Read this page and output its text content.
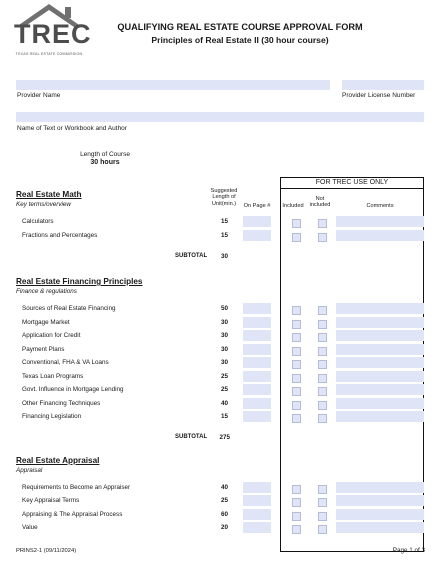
TREC
TEXAS REAL ESTATE COMMISSION
QUALIFYING REAL ESTATE COURSE APPROVAL FORM
Principles of Real Estate II (30 hour course)
Provider Name	Provider License Number
Name of Text or Workbook and Author
Length of Course
30 hours
FOR TREC USE ONLY
Suggested Length of Unit(min.)	On Page #	Included
Not included	Comments
Real Estate Math
Key terms/overview
Calculators	15
Fractions and Percentages	15
SUBTOTAL	30
Real Estate Financing Principles
Finance & regulations
Sources of Real Estate Financing	50
Mortgage Market	30
Application for Credit	30
Payment Plans	30
Conventional, FHA & VA Loans	30
Texas Loan Programs	25
Govt. Influence in Mortgage Lending	25
Other Financing Techniques	40
Financing Legislation	15
SUBTOTAL	275
Real Estate Appraisal
Appraisal
Requirements to Become an Appraiser	40
Key Appraisal Terms	25
Appraising & The Appraisal Process	60
Value	20
PRINS2-1 (09/11/2024)	Page 1 of 3
